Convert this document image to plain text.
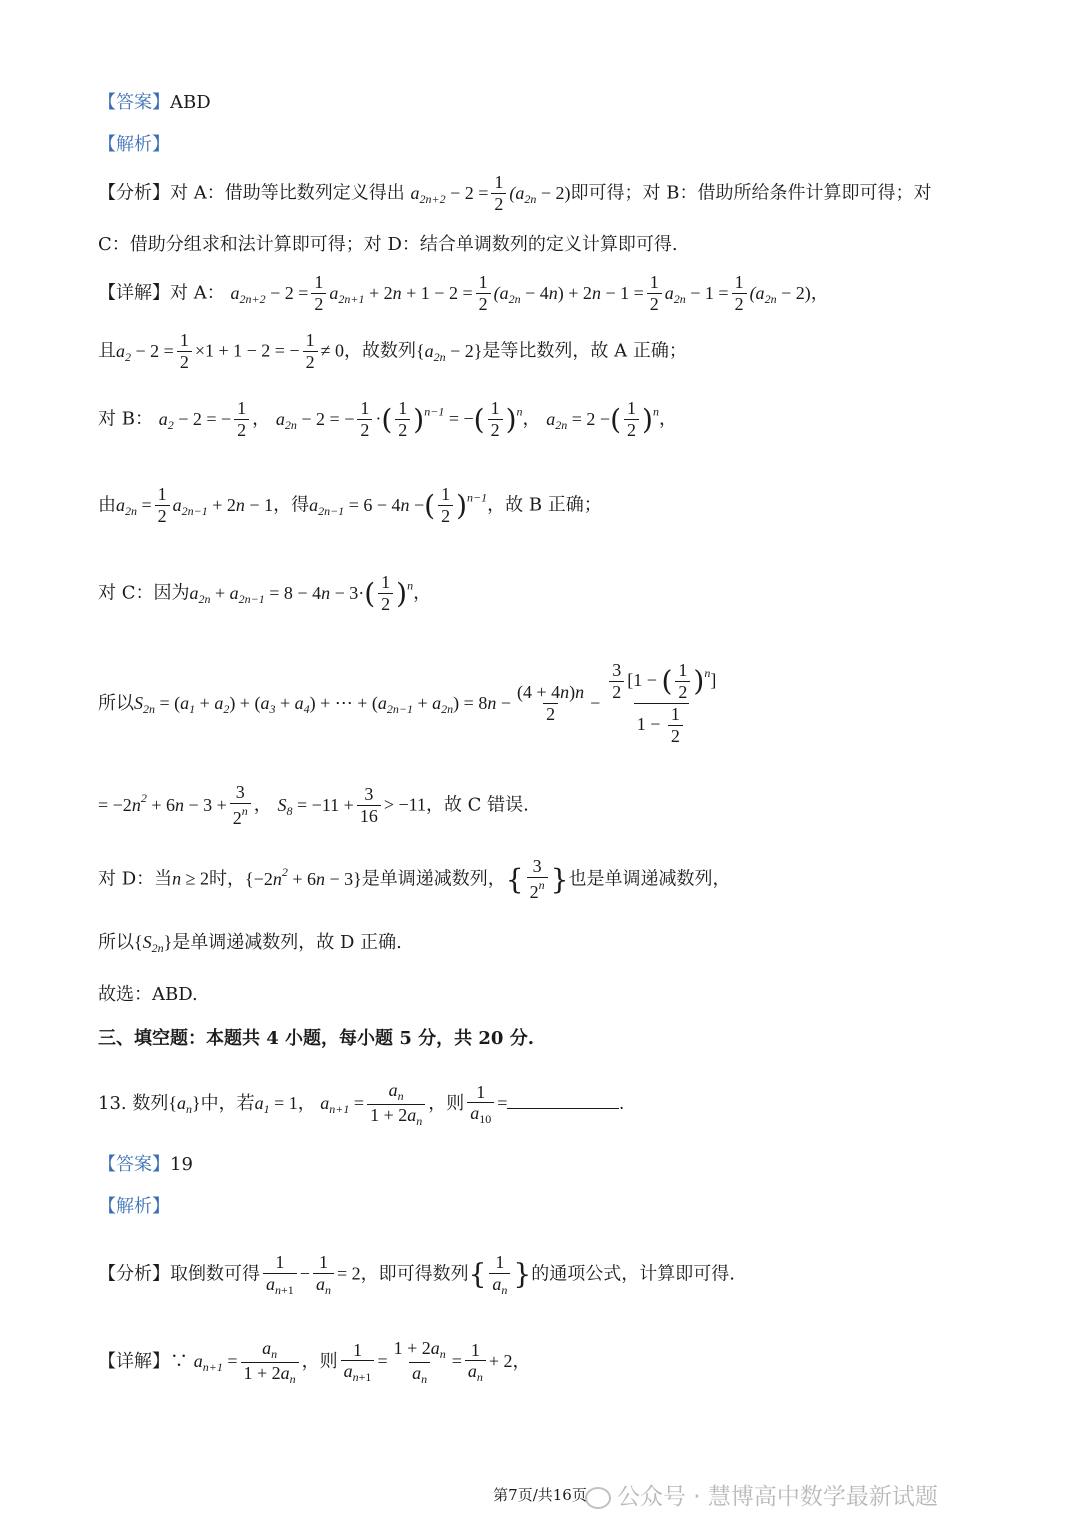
【答案】ABD
【解析】
【分析】对 A：借助等比数列定义得出 $a_{2n+2} - 2 = \frac{1}{2} (a_{2n} - 2)$即可得；对 B：借助所给条件计算即可得；对
C：借助分组求和法计算即可得；对 D：结合单调数列的定义计算即可得.
【详解】对 A： $a_{2n+2} - 2 = \frac{1}{2} a_{2n+1} + 2n + 1 - 2 = \frac{1}{2} (a_{2n} - 4n) + 2n - 1 = \frac{1}{2} a_{2n} - 1 = \frac{1}{2} (a_{2n} - 2)$，
且$a_2 - 2 = \frac{1}{2} \times 1 + 1 - 2$ = − $\frac{1}{2} \ne 0$，故数列$\{a_{2n} - 2\}$是等比数列，故 A 正确；
对 B： $a_2 - 2$ = − $\frac{1}{2}$ ， $a_{2n} - 2$ = − $\frac{1}{2}$ ·( $\frac{1}{2} )^{n-1}$ = −( $\frac{1}{2} )^n$， $a_{2n} = 2$ −( $\frac{1}{2} )^n$，
由$a_{2n} = \frac{1}{2} a_{2n-1} + 2n - 1$，得$a_{2n-1} = 6 - 4n$ −( $\frac{1}{2} )^{n-1}$，故 B 正确；
对 C：因为$a_{2n} + a_{2n-1} = 8 - 4n - 3\cdot( \frac{1}{2} )^n$，
所以$S_{2n} = (a_1 + a_2) + (a_3 + a_4)$ + ⋯ + $(a_{2n-1} + a_{2n}) = 8n - \frac{(4 + 4n)n}{2} - \frac{\frac{3}{2} [1 - ( \frac{1}{2} )^n]}{1 - \frac{1}{2}}$
= $-2n^2 + 6n - 3 + \frac{3}{2^n}$ ， $S_8 = -11 + \frac{3}{16} > -11$，故 C 错误.
对 D：当n ≥ 2时，$\{-2n^2 + 6n - 3\}$是单调递减数列，{ $\frac{3}{2^n}$ }也是单调递减数列，
所以$\{S_{2n}\}$是单调递减数列，故 D 正确.
故选：ABD.
三、填空题：本题共 4 小题，每小题 5 分，共 20 分.
13. 数列$\{a_n\}$中，若$a_1 = 1$， $a_{n+1} = \frac{a_n}{1 + 2a_n}$ ，则 $\frac{1}{a_{10}}$ =	.
【答案】19
【解析】
【分析】取倒数可得 $\frac{1}{a_{n+1}} - \frac{1}{a_n} = 2$，即可得数列{ $\frac{1}{a_n}$ }的通项公式，计算即可得.
【详解】∵ $a_{n+1} = \frac{a_n}{1 + 2a_n}$ ，则 $\frac{1}{a_{n+1}} = \frac{1 + 2a_n}{a_n} = \frac{1}{a_n} + 2$，
公众号 · 慧博高中数学最新试题
第7页/共16页
